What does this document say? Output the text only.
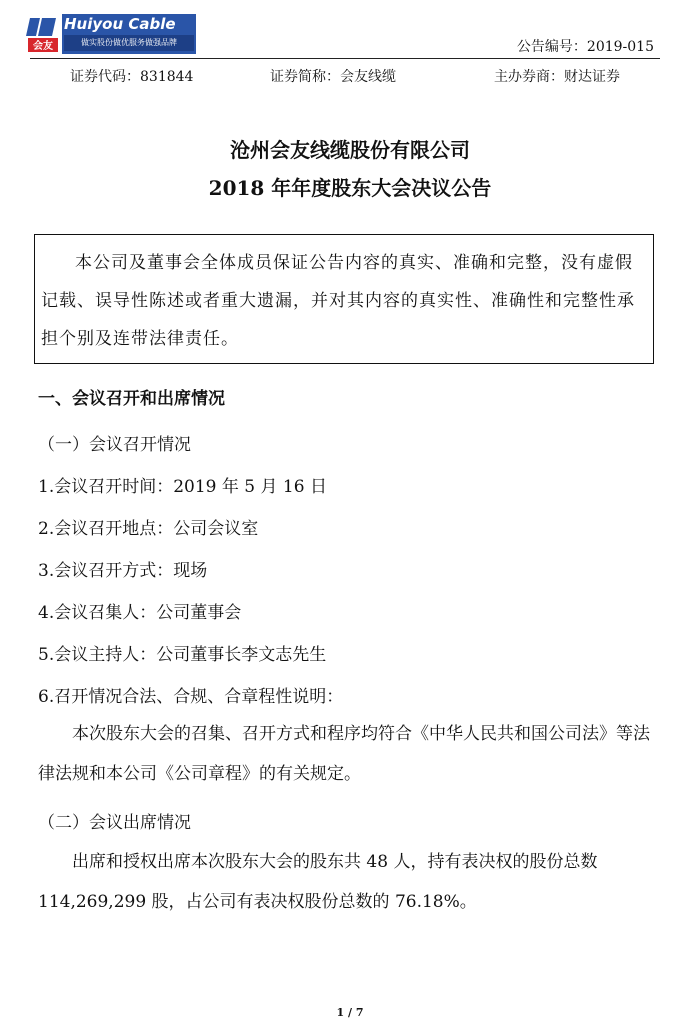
会友
Huiyou Cable
做实股份做优服务做强品牌	公告编号：2019-015
证券代码：831844	证券简称：会友线缆	主办券商：财达证券
沧州会友线缆股份有限公司
2018 年年度股东大会决议公告
本公司及董事会全体成员保证公告内容的真实、准确和完整，没有虚假记载、误导性陈述或者重大遗漏，并对其内容的真实性、准确性和完整性承担个别及连带法律责任。
一、会议召开和出席情况
（一）会议召开情况
1.会议召开时间：2019 年 5 月 16 日
2.会议召开地点：公司会议室
3.会议召开方式：现场
4.会议召集人：公司董事会
5.会议主持人：公司董事长李文志先生
6.召开情况合法、合规、合章程性说明：
本次股东大会的召集、召开方式和程序均符合《中华人民共和国公司法》等法律法规和本公司《公司章程》的有关规定。
（二）会议出席情况
出席和授权出席本次股东大会的股东共 48 人，持有表决权的股份总数 114,269,299 股，占公司有表决权股份总数的 76.18%。
1 / 7
